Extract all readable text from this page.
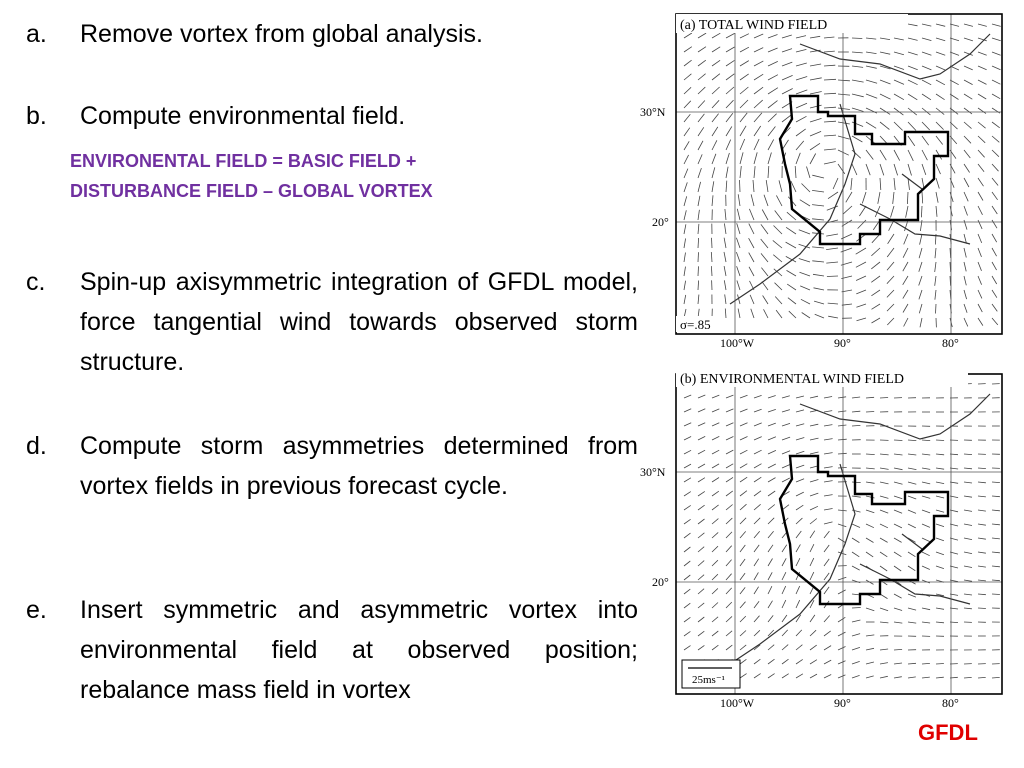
a.	Remove vortex from global analysis.
b.	Compute environmental field.
c.	Spin-up axisymmetric integration of GFDL model, force tangential wind towards observed storm structure.
d.	Compute storm asymmetries determined from vortex fields in previous forecast cycle.
e.	Insert symmetric and asymmetric vortex into environmental field at observed position; rebalance mass field in vortex
ENVIRONENTAL FIELD = BASIC FIELD +
DISTURBANCE FIELD – GLOBAL VORTEX
(a) TOTAL WIND FIELD
30°N
20°
100°W	90°	80°
σ=.85
(b) ENVIRONMENTAL WIND FIELD
30°N
20°
100°W	90°	80°
25ms⁻¹
GFDL
